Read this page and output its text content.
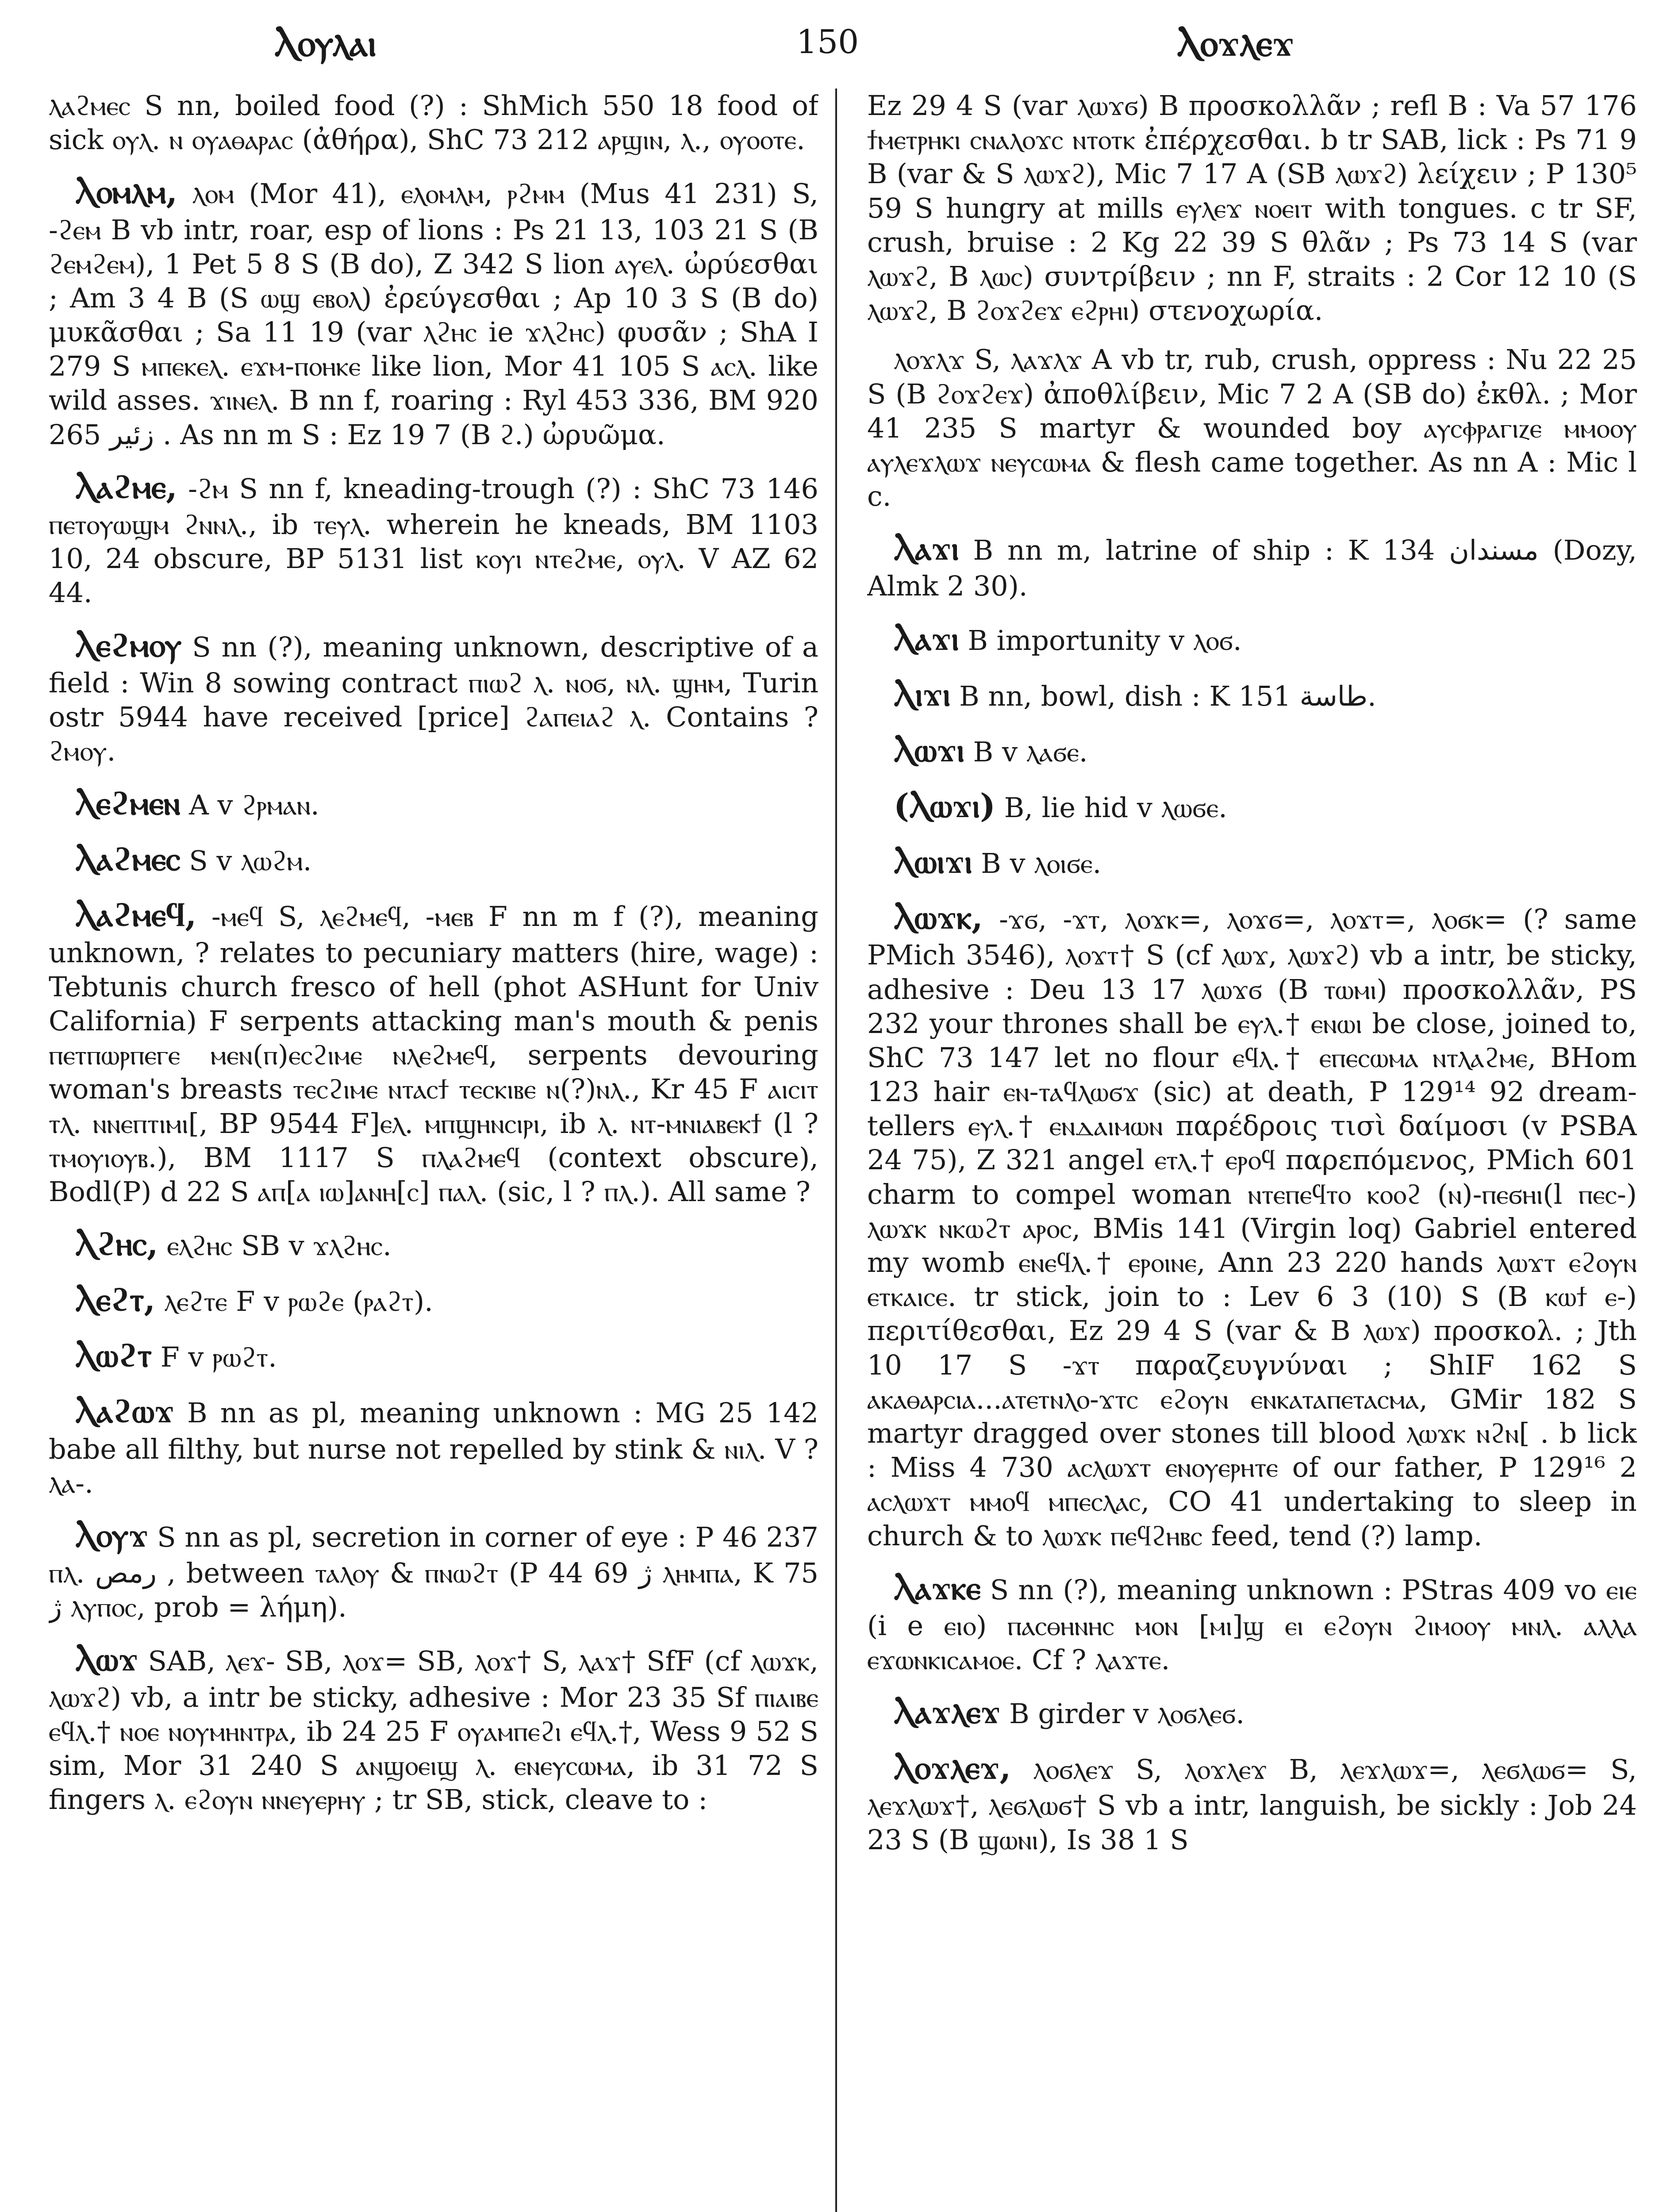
Ⲗⲟⲩⲗⲁⲓ	150	Ⲗⲟϫⲗⲉϫ

ⲗⲁϩⲙⲉⲥ S nn, boiled food (?) : ShMich 550 18 food of sick ⲟⲩⲗ. ⲛ ⲟⲩⲁⲑⲁⲣⲁⲥ (ἀθήρα), ShC 73 212 ⲁⲣϣⲓⲛ, ⲗ., ⲟⲩⲟⲟⲧⲉ.

Ⲗⲟⲙⲗⲙ, ⲗⲟⲙ (Mor 41), ⲉⲗⲟⲙⲗⲙ, ⲣϩⲙⲙ (Mus 41 231) S, -ϩⲉⲙ B vb intr, roar, esp of lions : Ps 21 13, 103 21 S (B ϩⲉⲙϩⲉⲙ), 1 Pet 5 8 S (B do), Z 342 S lion ⲁⲩⲉⲗ. ὠρύεσθαι ; Am 3 4 B (S ⲱϣ ⲉⲃⲟⲗ) ἐρεύγεσθαι ; Ap 10 3 S (B do) μυκᾶσθαι ; Sa 11 19 (var ⲗϩⲏⲥ ie ϫⲗϩⲏⲥ) φυσᾶν ; ShA I 279 S ⲙⲡⲉⲕⲉⲗ. ⲉϫⲙ-ⲡⲟⲏⲕⲉ like lion, Mor 41 105 S ⲁⲥⲗ. like wild asses. ϫⲓⲛⲉⲗ. B nn f, roaring : Ryl 453 336, BM 920 265 زئير . As nn m S : Ez 19 7 (B ϩ.) ὠρυῶμα.

Ⲗⲁϩⲙⲉ, -ϩⲙ S nn f, kneading-trough (?) : ShC 73 146 ⲡⲉⲧⲟⲩⲱϣⲙ ϩⲛⲛⲗ., ib ⲧⲉⲩⲗ. wherein he kneads, BM 1103 10, 24 obscure, BP 5131 list ⲕⲟⲩⲓ ⲛⲧⲉϩⲙⲉ, ⲟⲩⲗ. V AZ 62 44.

Ⲗⲉϩⲙⲟⲩ S nn (?), meaning unknown, descriptive of a field : Win 8 sowing contract ⲡⲓⲱϩ ⲗ. ⲛⲟϭ, ⲛⲗ. ϣⲏⲙ, Turin ostr 5944 have received [price] ϩⲁⲡⲉⲓⲁϩ ⲗ. Contains ? ϩⲙⲟⲩ.

Ⲗⲉϩⲙⲉⲛ A v ϩⲣⲙⲁⲛ.

Ⲗⲁϩⲙⲉⲥ S v ⲗⲱϩⲙ.

Ⲗⲁϩⲙⲉϥ, -ⲙⲉϥ S, ⲗⲉϩⲙⲉϥ, -ⲙⲉⲃ F nn m f (?), meaning unknown, ? relates to pecuniary matters (hire, wage) : Tebtunis church fresco of hell (phot ASHunt for Univ California) F serpents attacking man's mouth & penis ⲡⲉⲧⲡⲱⲣⲡⲉⲅⲉ ⲙⲉⲛ(ⲡ)ⲉⲥϩⲓⲙⲉ ⲛⲗⲉϩⲙⲉϥ, serpents devouring woman's breasts ⲧⲉⲥϩⲓⲙⲉ ⲛⲧⲁⲥϯ ⲧⲉⲥⲕⲓⲃⲉ ⲛ(?)ⲛⲗ., Kr 45 F ⲁⲓⲥⲓⲧ ⲧⲗ. ⲛⲛⲉⲡⲧⲓⲙⲓ[, BP 9544 F]ⲉⲗ. ⲙⲡϣⲏⲛⲥⲓⲣⲓ, ib ⲗ. ⲛⲧ-ⲙⲛⲓⲁⲃⲉⲕϯ (l ? ⲧⲙⲟⲩⲓⲟⲩⲃ.), BM 1117 S ⲡⲗⲁϩⲙⲉϥ (context obscure), Bodl(P) d 22 S ⲁⲡ[ⲁ ⲓⲱ]ⲁⲛⲏ[ⲥ] ⲡⲁⲗ. (sic, l ? ⲡⲗ.). All same ?

Ⲗϩⲏⲥ, ⲉⲗϩⲏⲥ SB v ϫⲗϩⲏⲥ.

Ⲗⲉϩⲧ, ⲗⲉϩⲧⲉ F v ⲣⲱϩⲉ (ⲣⲁϩⲧ).

Ⲗⲱϩⲧ F v ⲣⲱϩⲧ.

Ⲗⲁϩⲱϫ B nn as pl, meaning unknown : MG 25 142 babe all filthy, but nurse not repelled by stink & ⲛⲓⲗ. V ? ⲗⲁ-.

Ⲗⲟⲩϫ S nn as pl, secretion in corner of eye : P 46 237 ⲡⲗ. رمص , between ⲧⲁⲗⲟⲩ & ⲡⲛⲱϩⲧ (P 44 69 ژ ⲗⲏⲙⲡⲁ, K 75 ژ ⲗⲩⲡⲟⲥ, prob = λήμη).

Ⲗⲱϫ SAB, ⲗⲉϫ- SB, ⲗⲟϫ= SB, ⲗⲟϫ† S, ⲗⲁϫ† SfF (cf ⲗⲱϫⲕ, ⲗⲱϫϩ) vb, a intr be sticky, adhesive : Mor 23 35 Sf ⲡⲓⲁⲓⲃⲉ ⲉϥⲗ.† ⲛⲟⲉ ⲛⲟⲩⲙⲏⲛⲧⲣⲁ, ib 24 25 F ⲟⲩⲁⲙⲡⲉϩⲓ ⲉϥⲗ.†, Wess 9 52 S sim, Mor 31 240 S ⲁⲛϣⲟⲉⲓϣ ⲗ. ⲉⲛⲉⲩⲥⲱⲙⲁ, ib 31 72 S fingers ⲗ. ⲉϩⲟⲩⲛ ⲛⲛⲉⲩⲉⲣⲏⲩ ; tr SB, stick, cleave to :

Ez 29 4 S (var ⲗⲱϫϭ) B προσκολλᾶν ; refl B : Va 57 176 ϯⲙⲉⲧⲣⲏⲕⲓ ⲥⲛⲁⲗⲟϫⲥ ⲛⲧⲟⲧⲕ ἐπέρχεσθαι. b tr SAB, lick : Ps 71 9 B (var & S ⲗⲱϫϩ), Mic 7 17 A (SB ⲗⲱϫϩ) λείχειν ; P 130⁵ 59 S hungry at mills ⲉⲩⲗⲉϫ ⲛⲟⲉⲓⲧ with tongues. c tr SF, crush, bruise : 2 Kg 22 39 S θλᾶν ; Ps 73 14 S (var ⲗⲱϫϩ, B ⲗⲱⲥ) συντρίβειν ; nn F, straits : 2 Cor 12 10 (S ⲗⲱϫϩ, B ϩⲟϫϩⲉϫ ⲉϩⲣⲏⲓ) στενοχωρία.

ⲗⲟϫⲗϫ S, ⲗⲁϫⲗϫ A vb tr, rub, crush, oppress : Nu 22 25 S (B ϩⲟϫϩⲉϫ) ἀποθλίβειν, Mic 7 2 A (SB do) ἐκθλ. ; Mor 41 235 S martyr & wounded boy ⲁⲩⲥⲫⲣⲁⲅⲓⲍⲉ ⲙⲙⲟⲟⲩ ⲁⲩⲗⲉϫⲗⲱϫ ⲛⲉⲩⲥⲱⲙⲁ & flesh came together. As nn A : Mic l c.

Ⲗⲁϫⲓ B nn m, latrine of ship : K 134 مسندان (Dozy, Almk 2 30).

Ⲗⲁϫⲓ B importunity v ⲗⲟϭ.

Ⲗⲓϫⲓ B nn, bowl, dish : K 151 طاسة.

Ⲗⲱϫⲓ B v ⲗⲁϭⲉ.

(Ⲗⲱϫⲓ) B, lie hid v ⲗⲱϭⲉ.

Ⲗⲱⲓϫⲓ B v ⲗⲟⲓϭⲉ.

Ⲗⲱϫⲕ, -ϫϭ, -ϫⲧ, ⲗⲟϫⲕ=, ⲗⲟϫϭ=, ⲗⲟϫⲧ=, ⲗⲟϭⲕ= (? same PMich 3546), ⲗⲟϫⲧ† S (cf ⲗⲱϫ, ⲗⲱϫϩ) vb a intr, be sticky, adhesive : Deu 13 17 ⲗⲱϫϭ (B ⲧⲱⲙⲓ) προσκολλᾶν, PS 232 your thrones shall be ⲉⲩⲗ.† ⲉⲛⲱⲓ be close, joined to, ShC 73 147 let no flour ⲉϥⲗ.† ⲉⲡⲉⲥⲱⲙⲁ ⲛⲧⲗⲁϩⲙⲉ, BHom 123 hair ⲉⲛ-ⲧⲁϥⲗⲱϭϫ (sic) at death, P 129¹⁴ 92 dream-tellers ⲉⲩⲗ.† ⲉⲛⲇⲁⲓⲙⲱⲛ παρέδροις τισὶ δαίμοσι (v PSBA 24 75), Z 321 angel ⲉⲧⲗ.† ⲉⲣⲟϥ παρεπόμενος, PMich 601 charm to compel woman ⲛⲧⲉⲡⲉϥⲧⲟ ⲕⲟⲟϩ (ⲛ)-ⲡⲉϭⲏⲓ(l ⲡⲉⲥ-) ⲗⲱϫⲕ ⲛⲕⲱϩⲧ ⲁⲣⲟⲥ, BMis 141 (Virgin loq) Gabriel entered my womb ⲉⲛⲉϥⲗ.† ⲉⲣⲟⲓⲛⲉ, Ann 23 220 hands ⲗⲱϫⲧ ⲉϩⲟⲩⲛ ⲉⲧⲕⲁⲓⲥⲉ. tr stick, join to : Lev 6 3 (10) S (B ⲕⲱϯ ⲉ-) περιτίθεσθαι, Ez 29 4 S (var & B ⲗⲱϫ) προσκολ. ; Jth 10 17 S -ϫⲧ παραζευγνύναι ; ShIF 162 S ⲁⲕⲁⲑⲁⲣⲥⲓⲁ...ⲁⲧⲉⲧⲛⲗⲟ-ϫⲧⲥ ⲉϩⲟⲩⲛ ⲉⲛⲕⲁⲧⲁⲡⲉⲧⲁⲥⲙⲁ, GMir 182 S martyr dragged over stones till blood ⲗⲱϫⲕ ⲛϩⲛ[ . b lick : Miss 4 730 ⲁⲥⲗⲱϫⲧ ⲉⲛⲟⲩⲉⲣⲏⲧⲉ of our father, P 129¹⁶ 2 ⲁⲥⲗⲱϫⲧ ⲙⲙⲟϥ ⲙⲡⲉⲥⲗⲁⲥ, CO 41 undertaking to sleep in church & to ⲗⲱϫⲕ ⲡⲉϥϩⲏⲃⲥ feed, tend (?) lamp.

Ⲗⲁϫⲕⲉ S nn (?), meaning unknown : PStras 409 vo ⲉⲓⲉ (i e ⲉⲓⲟ) ⲡⲁⲥⲑⲏⲛⲏⲥ ⲙⲟⲛ [ⲙⲓ]ϣ ⲉⲓ ⲉϩⲟⲩⲛ ϩⲓⲙⲟⲟⲩ ⲙⲛⲗ. ⲁⲗⲗⲁ ⲉϫⲱⲛⲕⲓⲥⲁⲙⲟⲉ. Cf ? ⲗⲁϫⲧⲉ.

Ⲗⲁϫⲗⲉϫ B girder v ⲗⲟϭⲗⲉϭ.

Ⲗⲟϫⲗⲉϫ, ⲗⲟϭⲗⲉϫ S, ⲗⲟϫⲗⲉϫ B, ⲗⲉϫⲗⲱϫ=, ⲗⲉϭⲗⲱϭ= S, ⲗⲉϫⲗⲱϫ†, ⲗⲉϭⲗⲱϭ† S vb a intr, languish, be sickly : Job 24 23 S (B ϣⲱⲛⲓ), Is 38 1 S
